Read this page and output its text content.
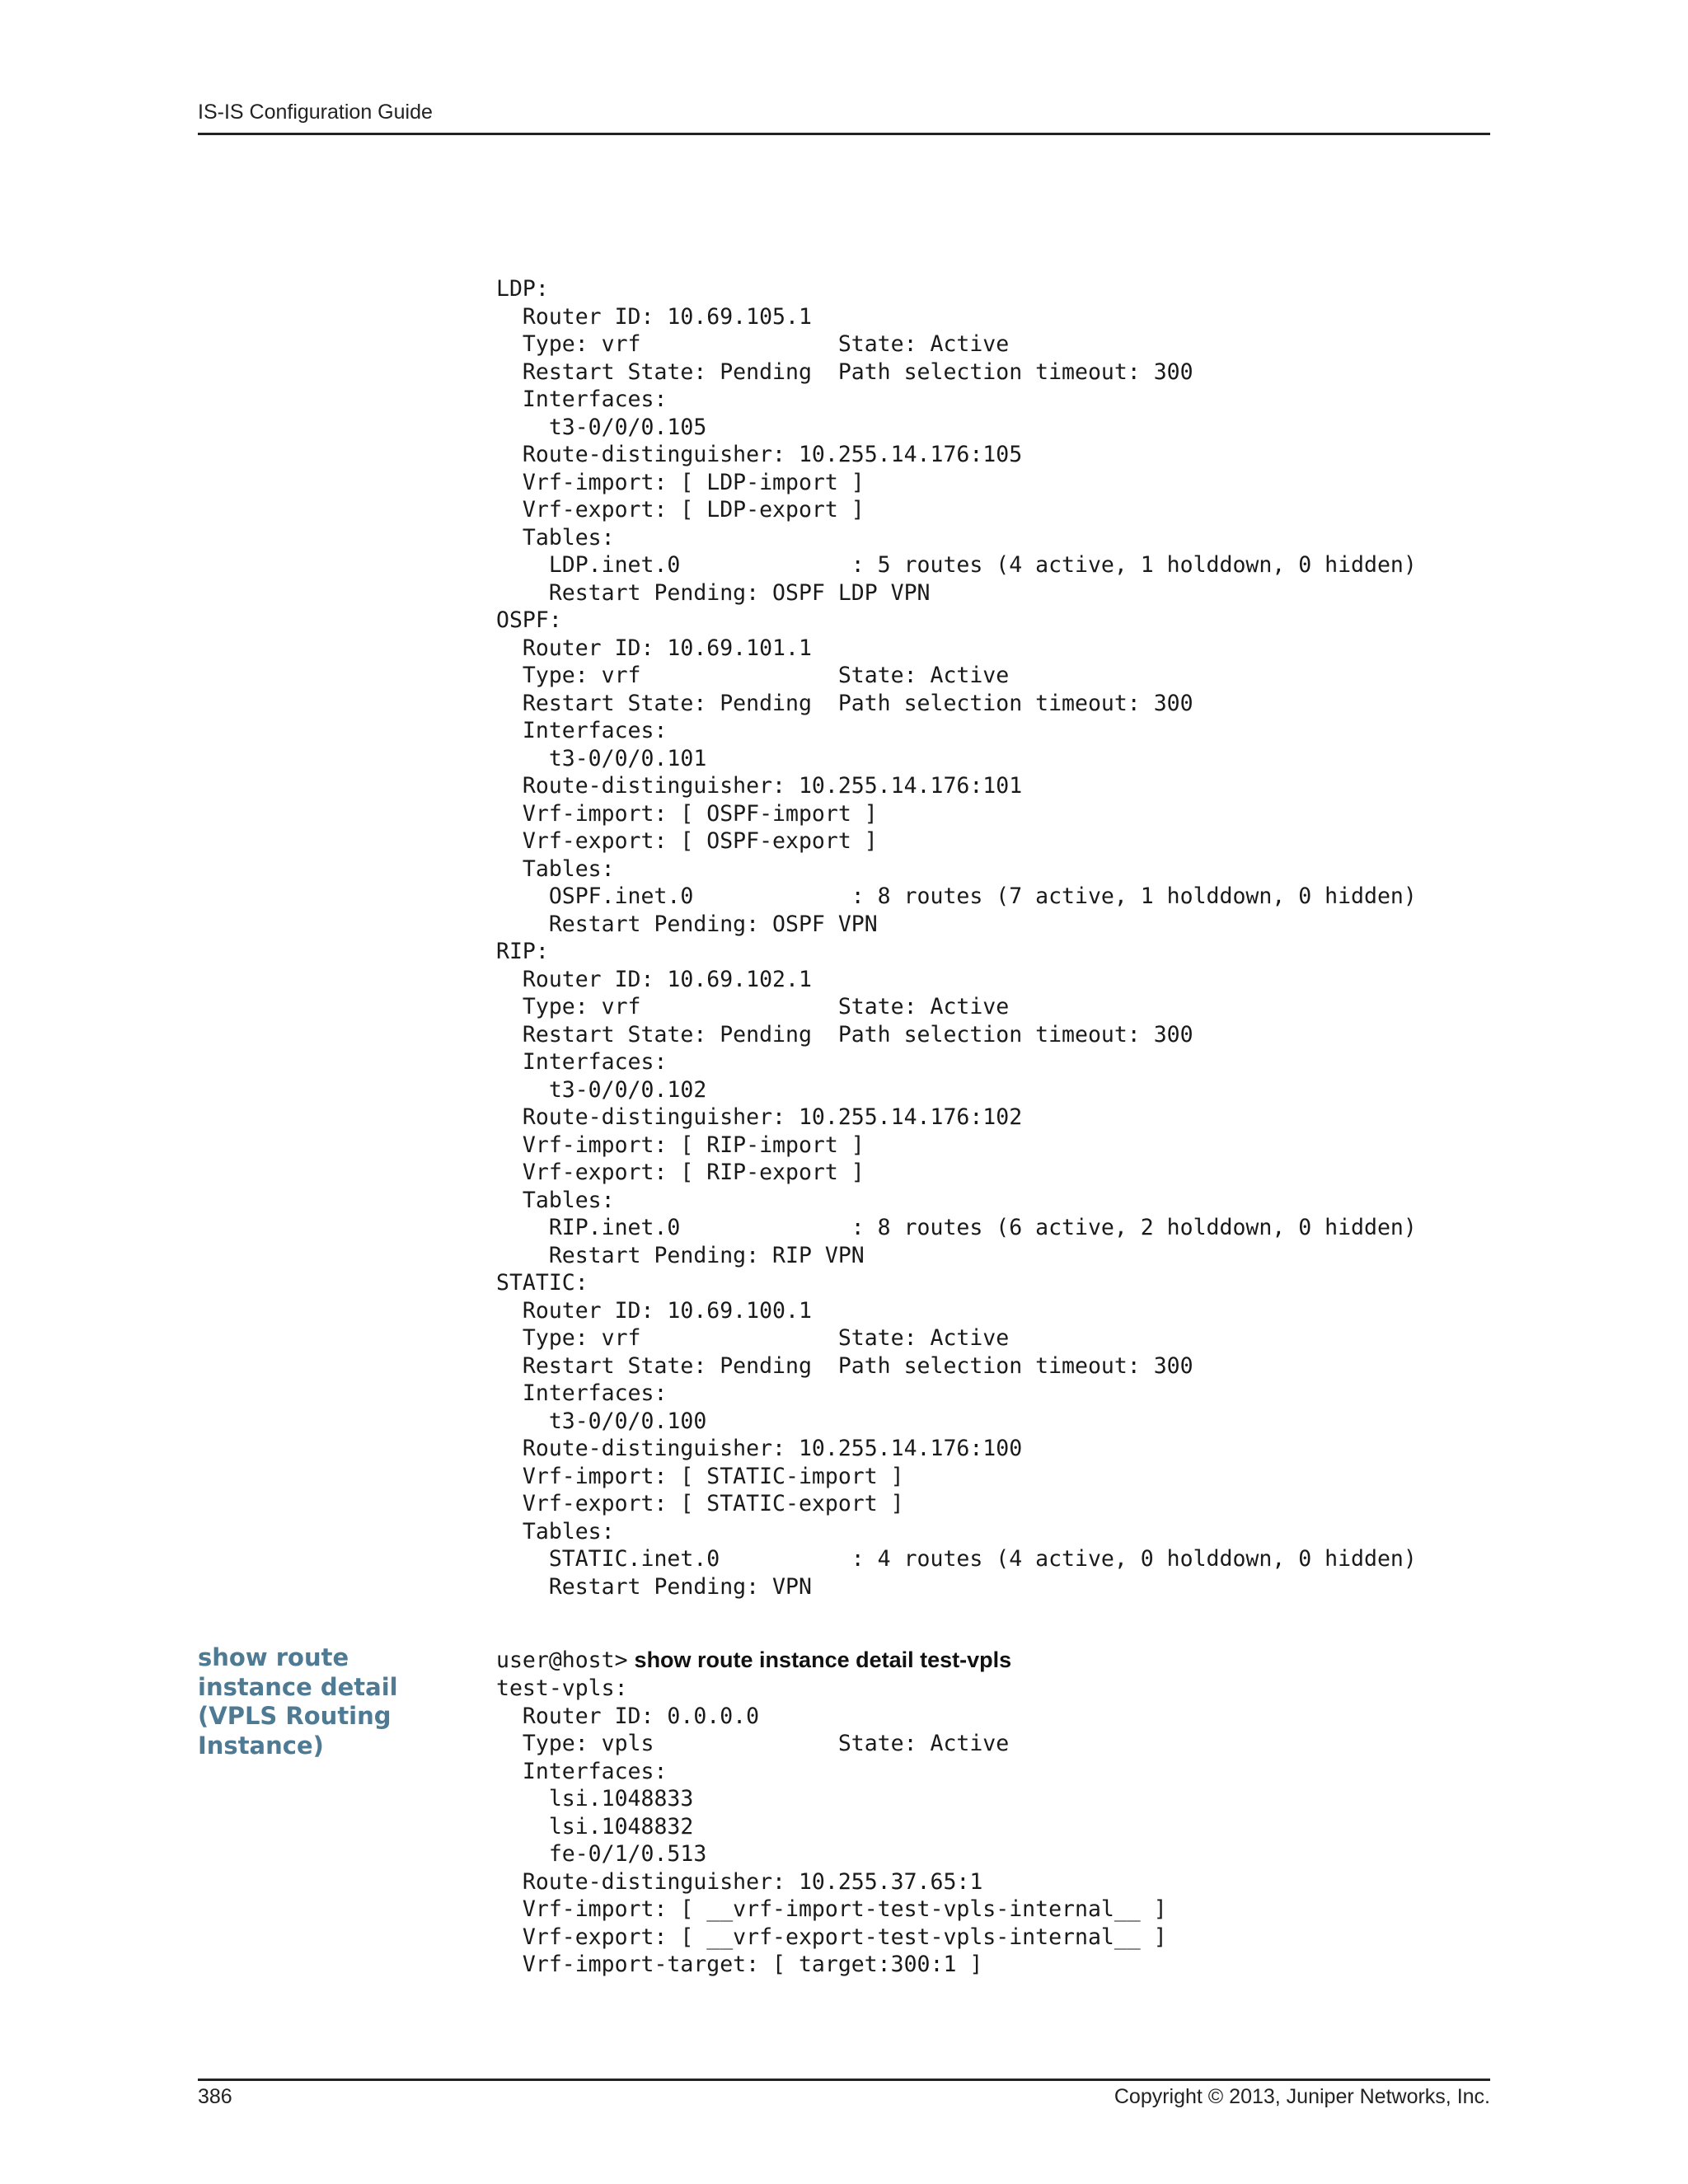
IS-IS Configuration Guide
LDP:
Router ID: 10.69.105.1
Type: vrf               State: Active
Restart State: Pending  Path selection timeout: 300
Interfaces:
t3-0/0/0.105
Route-distinguisher: 10.255.14.176:105
Vrf-import: [ LDP-import ]
Vrf-export: [ LDP-export ]
Tables:
LDP.inet.0             : 5 routes (4 active, 1 holddown, 0 hidden)
Restart Pending: OSPF LDP VPN
OSPF:
Router ID: 10.69.101.1
Type: vrf               State: Active
Restart State: Pending  Path selection timeout: 300
Interfaces:
t3-0/0/0.101
Route-distinguisher: 10.255.14.176:101
Vrf-import: [ OSPF-import ]
Vrf-export: [ OSPF-export ]
Tables:
OSPF.inet.0            : 8 routes (7 active, 1 holddown, 0 hidden)
Restart Pending: OSPF VPN
RIP:
Router ID: 10.69.102.1
Type: vrf               State: Active
Restart State: Pending  Path selection timeout: 300
Interfaces:
t3-0/0/0.102
Route-distinguisher: 10.255.14.176:102
Vrf-import: [ RIP-import ]
Vrf-export: [ RIP-export ]
Tables:
RIP.inet.0             : 8 routes (6 active, 2 holddown, 0 hidden)
Restart Pending: RIP VPN
STATIC:
Router ID: 10.69.100.1
Type: vrf               State: Active
Restart State: Pending  Path selection timeout: 300
Interfaces:
t3-0/0/0.100
Route-distinguisher: 10.255.14.176:100
Vrf-import: [ STATIC-import ]
Vrf-export: [ STATIC-export ]
Tables:
STATIC.inet.0          : 4 routes (4 active, 0 holddown, 0 hidden)
Restart Pending: VPN
show route instance detail (VPLS Routing Instance)
user@host> show route instance detail test-vpls
test-vpls:
Router ID: 0.0.0.0
Type: vpls              State: Active
Interfaces:
lsi.1048833
lsi.1048832
fe-0/1/0.513
Route-distinguisher: 10.255.37.65:1
Vrf-import: [ __vrf-import-test-vpls-internal__ ]
Vrf-export: [ __vrf-export-test-vpls-internal__ ]
Vrf-import-target: [ target:300:1 ]
386	Copyright © 2013, Juniper Networks, Inc.
